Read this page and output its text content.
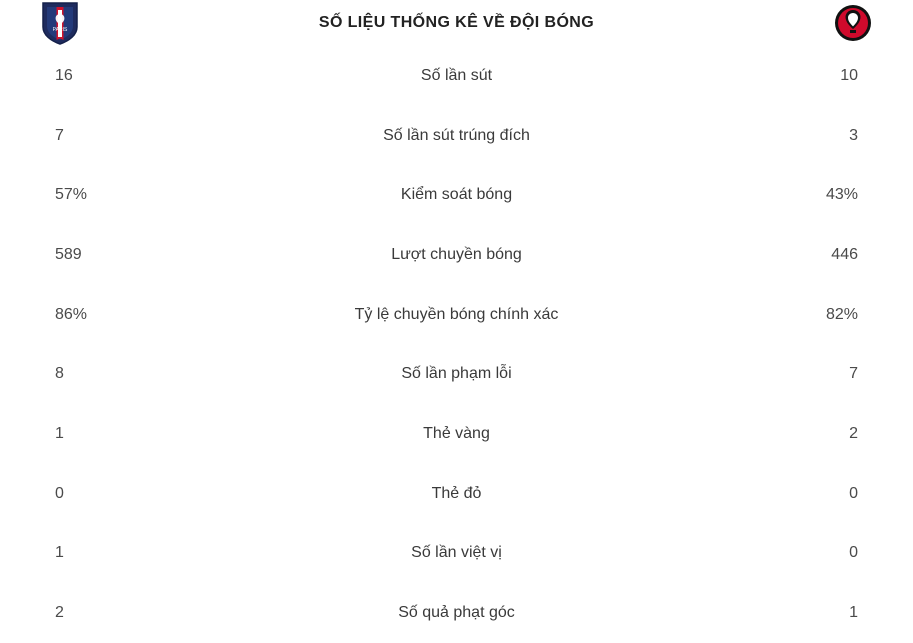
PARIS	SỐ LIỆU THỐNG KÊ VỀ ĐỘI BÓNG
16	Số lần sút	10
7	Số lần sút trúng đích	3
57%	Kiểm soát bóng	43%
589	Lượt chuyền bóng	446
86%	Tỷ lệ chuyền bóng chính xác	82%
8	Số lần phạm lỗi	7
1	Thẻ vàng	2
0	Thẻ đỏ	0
1	Số lần việt vị	0
2	Số quả phạt góc	1
